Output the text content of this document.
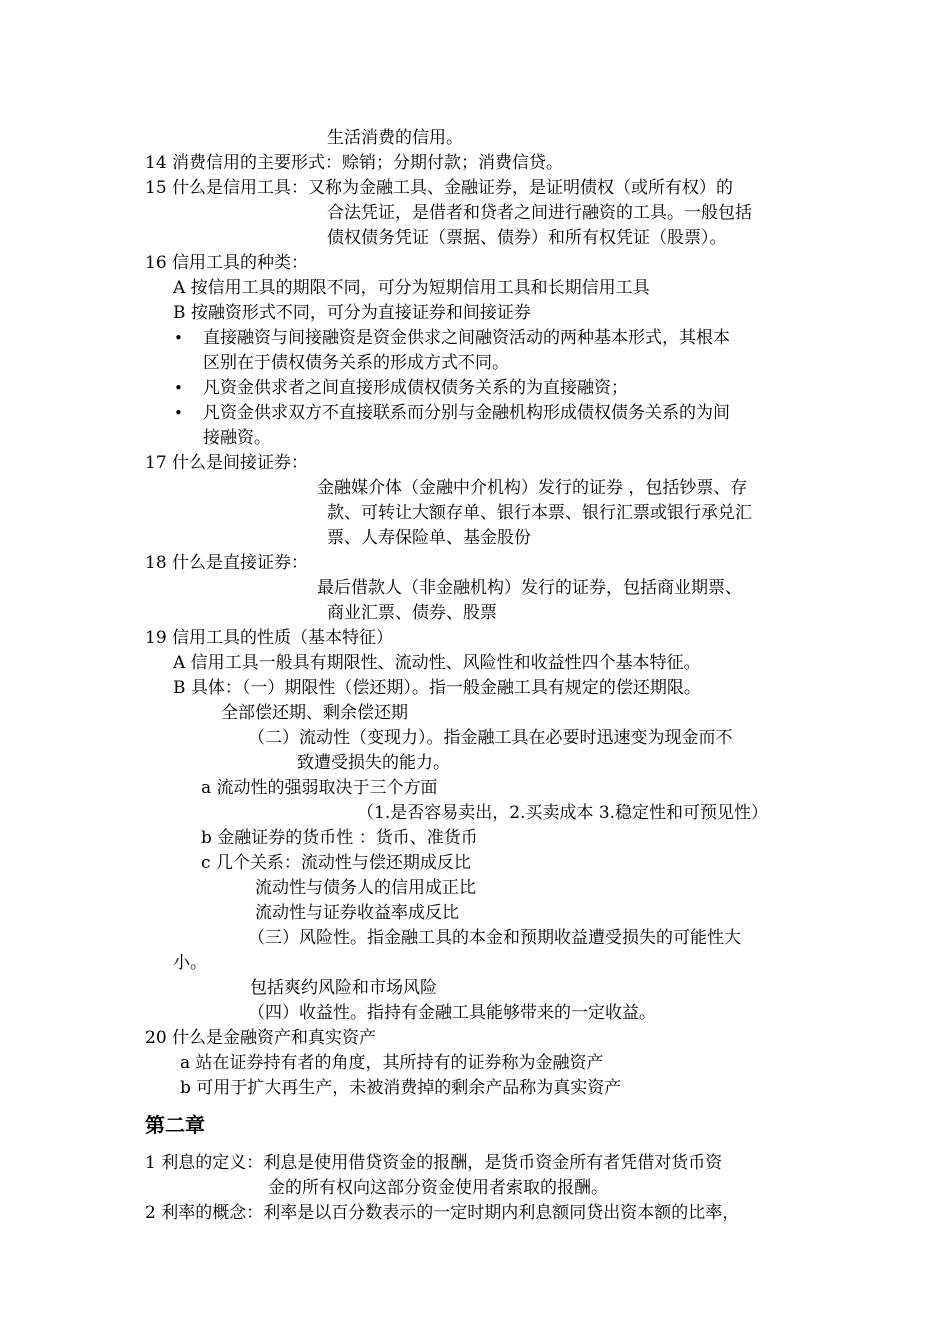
生活消费的信用。
14 消费信用的主要形式：赊销；分期付款；消费信贷。
15 什么是信用工具：又称为金融工具、金融证券，是证明债权（或所有权）的
合法凭证，是借者和贷者之间进行融资的工具。一般包括
债权债务凭证（票据、债券）和所有权凭证（股票）。
16 信用工具的种类：
A 按信用工具的期限不同，可分为短期信用工具和长期信用工具
B 按融资形式不同，可分为直接证券和间接证券
• 直接融资与间接融资是资金供求之间融资活动的两种基本形式，其根本
区别在于债权债务关系的形成方式不同。
• 凡资金供求者之间直接形成债权债务关系的为直接融资；
• 凡资金供求双方不直接联系而分别与金融机构形成债权债务关系的为间
接融资。
17 什么是间接证券：
金融媒介体（金融中介机构）发行的证券 ，包括钞票、存
款、可转让大额存单、银行本票、银行汇票或银行承兑汇
票、人寿保险单、基金股份
18 什么是直接证券：
最后借款人（非金融机构）发行的证券，包括商业期票、
商业汇票、债券、股票
19 信用工具的性质（基本特征）
A 信用工具一般具有期限性、流动性、风险性和收益性四个基本特征。
B 具体：（一）期限性（偿还期）。指一般金融工具有规定的偿还期限。
全部偿还期、剩余偿还期
（二）流动性（变现力）。指金融工具在必要时迅速变为现金而不
致遭受损失的能力。
a 流动性的强弱取决于三个方面
（1.是否容易卖出，2.买卖成本 3.稳定性和可预见性）
b 金融证券的货币性 ：货币、准货币
c 几个关系：流动性与偿还期成反比
流动性与债务人的信用成正比
流动性与证券收益率成反比
（三）风险性。指金融工具的本金和预期收益遭受损失的可能性大
小。
包括爽约风险和市场风险
（四）收益性。指持有金融工具能够带来的一定收益。
20 什么是金融资产和真实资产
a 站在证券持有者的角度，其所持有的证券称为金融资产
b 可用于扩大再生产，未被消费掉的剩余产品称为真实资产
第二章
1 利息的定义：利息是使用借贷资金的报酬，是货币资金所有者凭借对货币资
金的所有权向这部分资金使用者索取的报酬。
2 利率的概念：利率是以百分数表示的一定时期内利息额同贷出资本额的比率，
